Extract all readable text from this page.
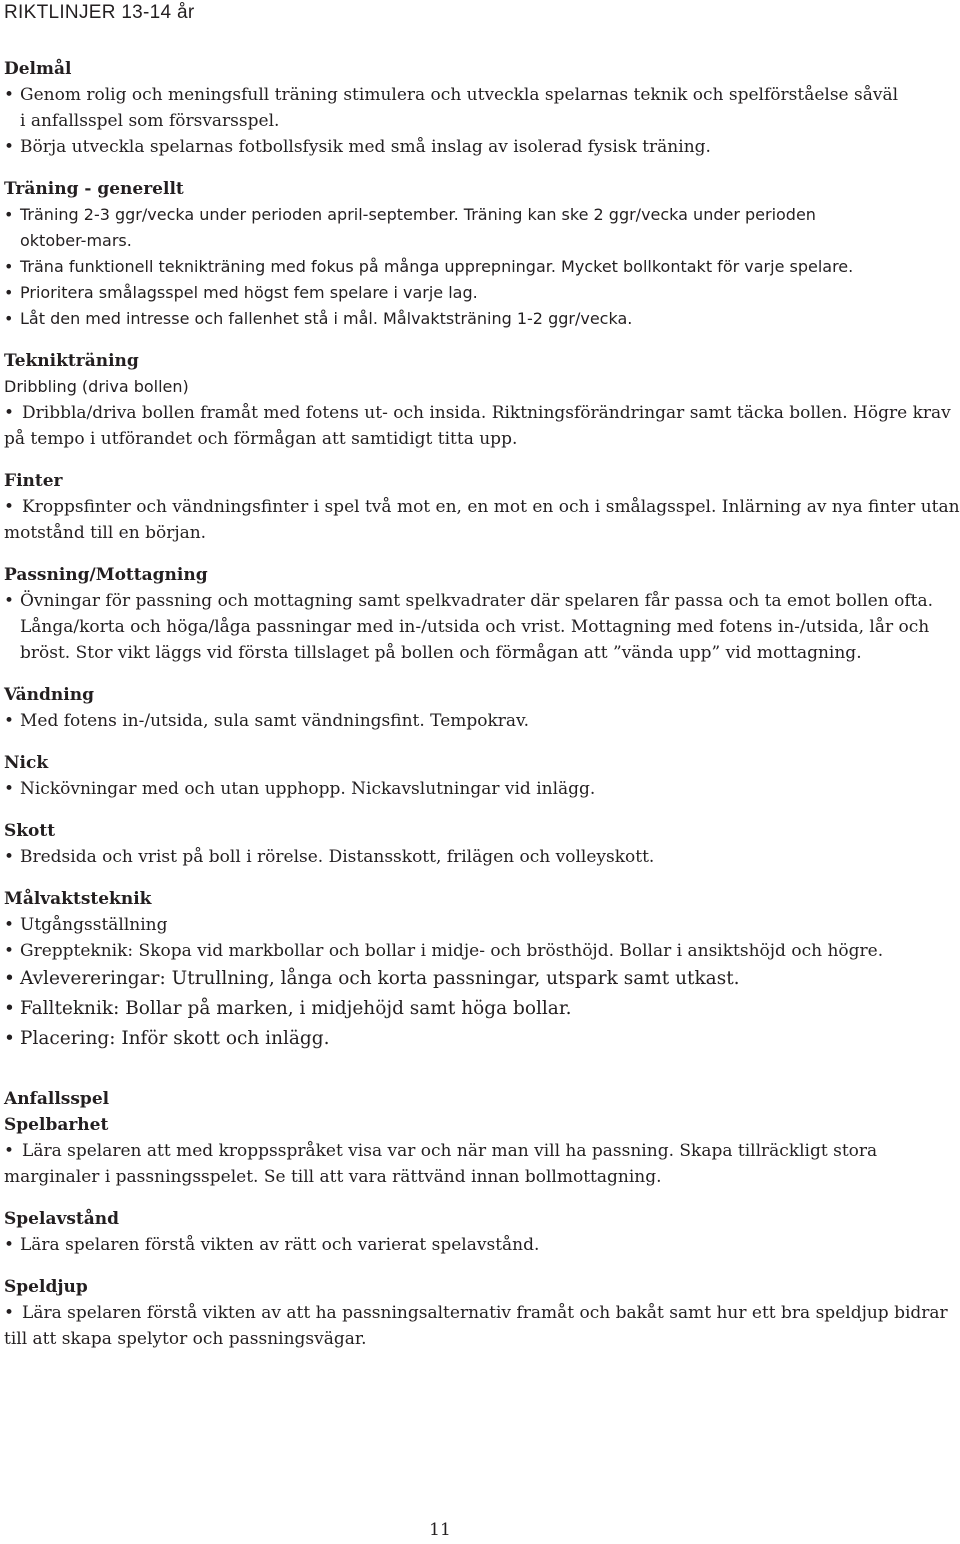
RIKTLINJER 13-14 år
Delmål
• Genom rolig och meningsfull träning stimulera och utveckla spelarnas teknik och spelförståelse såväl i anfallsspel som försvarsspel.
• Börja utveckla spelarnas fotbollsfysik med små inslag av isolerad fysisk träning.
Träning - generellt
• Träning 2-3 ggr/vecka under perioden april-september. Träning kan ske 2 ggr/vecka under perioden oktober-mars.
• Träna funktionell teknikträning med fokus på många upprepningar. Mycket bollkontakt för varje spelare.
• Prioritera smålagsspel med högst fem spelare i varje lag.
• Låt den med intresse och fallenhet stå i mål. Målvaktsträning 1-2 ggr/vecka.
Teknikträning

Dribbling (driva bollen)

• Dribbla/driva bollen framåt med fotens ut- och insida. Riktningsförändringar samt täcka bollen. Högre krav på tempo i utförandet och förmågan att samtidigt titta upp.
Finter
• Kroppsfinter och vändningsfinter i spel två mot en, en mot en och i smålagsspel. Inlärning av nya finter utan motstånd till en början.
Passning/Mottagning
• Övningar för passning och mottagning samt spelkvadrater där spelaren får passa och ta emot bollen ofta. Långa/korta och höga/låga passningar med in-/utsida och vrist. Mottagning med fotens in-/utsida, lår och bröst. Stor vikt läggs vid första tillslaget på bollen och förmågan att ”vända upp” vid mottagning.
Vändning
• Med fotens in-/utsida, sula samt vändningsfint. Tempokrav.
Nick
• Nickövningar med och utan upphopp. Nickavslutningar vid inlägg.
Skott
• Bredsida och vrist på boll i rörelse. Distansskott, frilägen och volleyskott.
Målvaktsteknik
• Utgångsställning
• Greppteknik: Skopa vid markbollar och bollar i midje- och brösthöjd. Bollar i ansiktshöjd och högre.
• Avlevereringar: Utrullning, långa och korta passningar, utspark samt utkast.
• Fallteknik: Bollar på marken, i midjehöjd samt höga bollar.
• Placering: Inför skott och inlägg.
Anfallsspel
Spelbarhet
• Lära spelaren att med kroppsspråket visa var och när man vill ha passning. Skapa tillräckligt stora marginaler i passningsspelet. Se till att vara rättvänd innan bollmottagning.
Spelavstånd
• Lära spelaren förstå vikten av rätt och varierat spelavstånd.
Speldjup
• Lära spelaren förstå vikten av att ha passningsalternativ framåt och bakåt samt hur ett bra speldjup bidrar till att skapa spelytor och passningsvägar.
11
